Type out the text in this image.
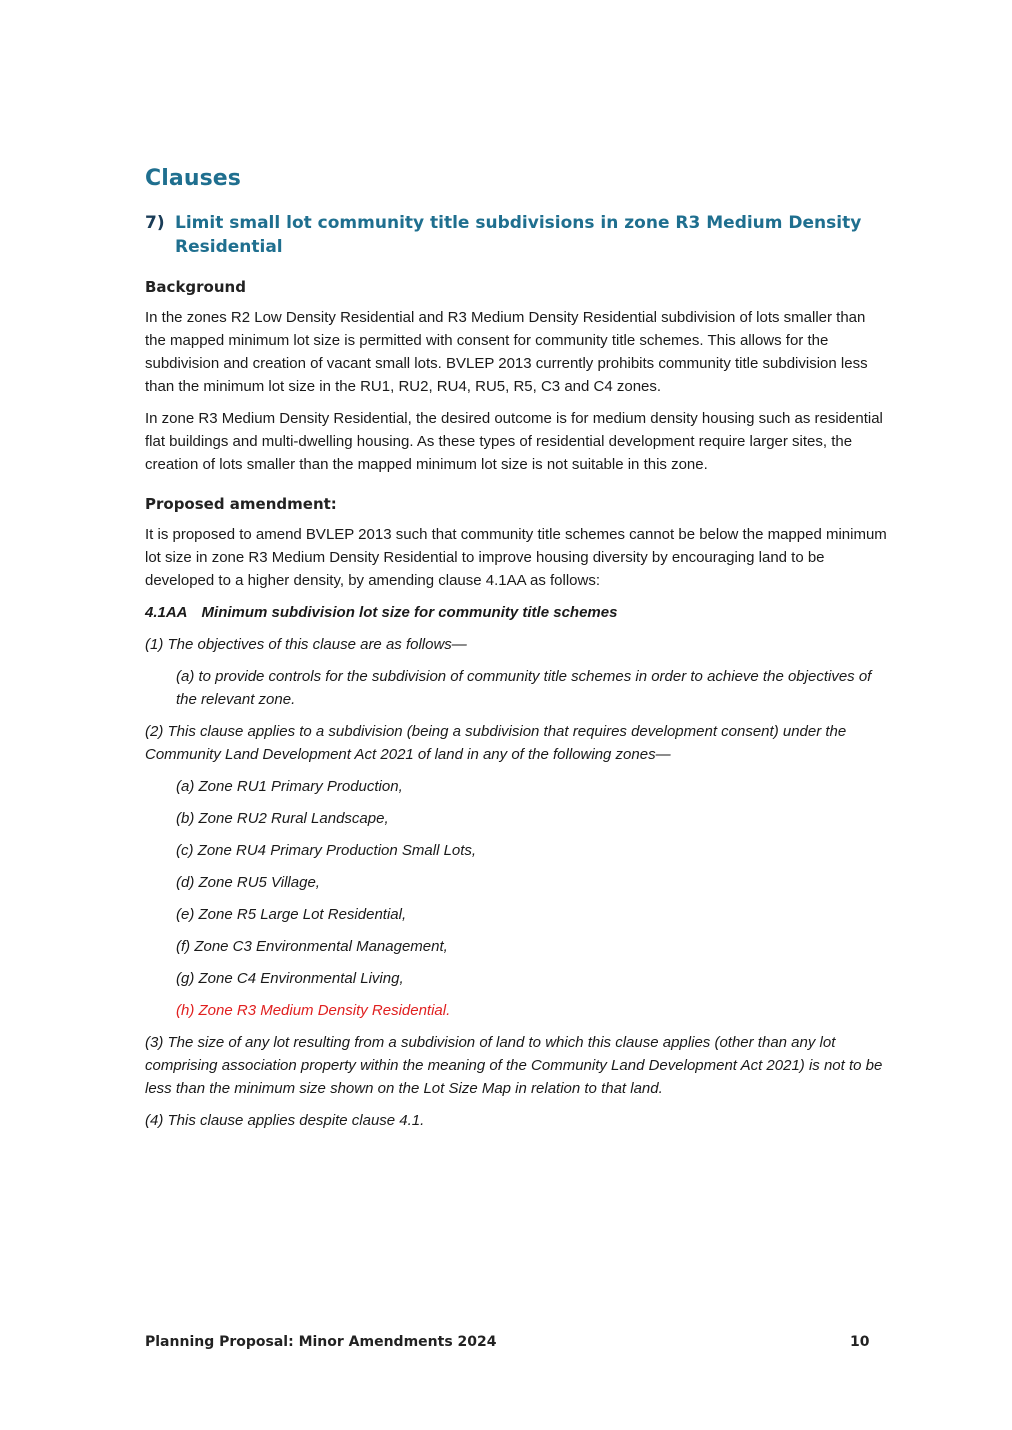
Clauses
7) Limit small lot community title subdivisions in zone R3 Medium Density Residential
Background

In the zones R2 Low Density Residential and R3 Medium Density Residential subdivision of lots smaller than the mapped minimum lot size is permitted with consent for community title schemes. This allows for the subdivision and creation of vacant small lots. BVLEP 2013 currently prohibits community title subdivision less than the minimum lot size in the RU1, RU2, RU4, RU5, R5, C3 and C4 zones.

In zone R3 Medium Density Residential, the desired outcome is for medium density housing such as residential flat buildings and multi-dwelling housing. As these types of residential development require larger sites, the creation of lots smaller than the mapped minimum lot size is not suitable in this zone.

Proposed amendment:

It is proposed to amend BVLEP 2013 such that community title schemes cannot be below the mapped minimum lot size in zone R3 Medium Density Residential to improve housing diversity by encouraging land to be developed to a higher density, by amending clause 4.1AA as follows:

4.1AA Minimum subdivision lot size for community title schemes
(1) The objectives of this clause are as follows—
(a) to provide controls for the subdivision of community title schemes in order to achieve the objectives of the relevant zone.
(2) This clause applies to a subdivision (being a subdivision that requires development consent) under the Community Land Development Act 2021 of land in any of the following zones—
(a) Zone RU1 Primary Production,
(b) Zone RU2 Rural Landscape,
(c) Zone RU4 Primary Production Small Lots,
(d) Zone RU5 Village,
(e) Zone R5 Large Lot Residential,
(f) Zone C3 Environmental Management,
(g) Zone C4 Environmental Living,
(h) Zone R3 Medium Density Residential.
(3) The size of any lot resulting from a subdivision of land to which this clause applies (other than any lot comprising association property within the meaning of the Community Land Development Act 2021) is not to be less than the minimum size shown on the Lot Size Map in relation to that land.
(4) This clause applies despite clause 4.1.
Planning Proposal: Minor Amendments 2024	10
